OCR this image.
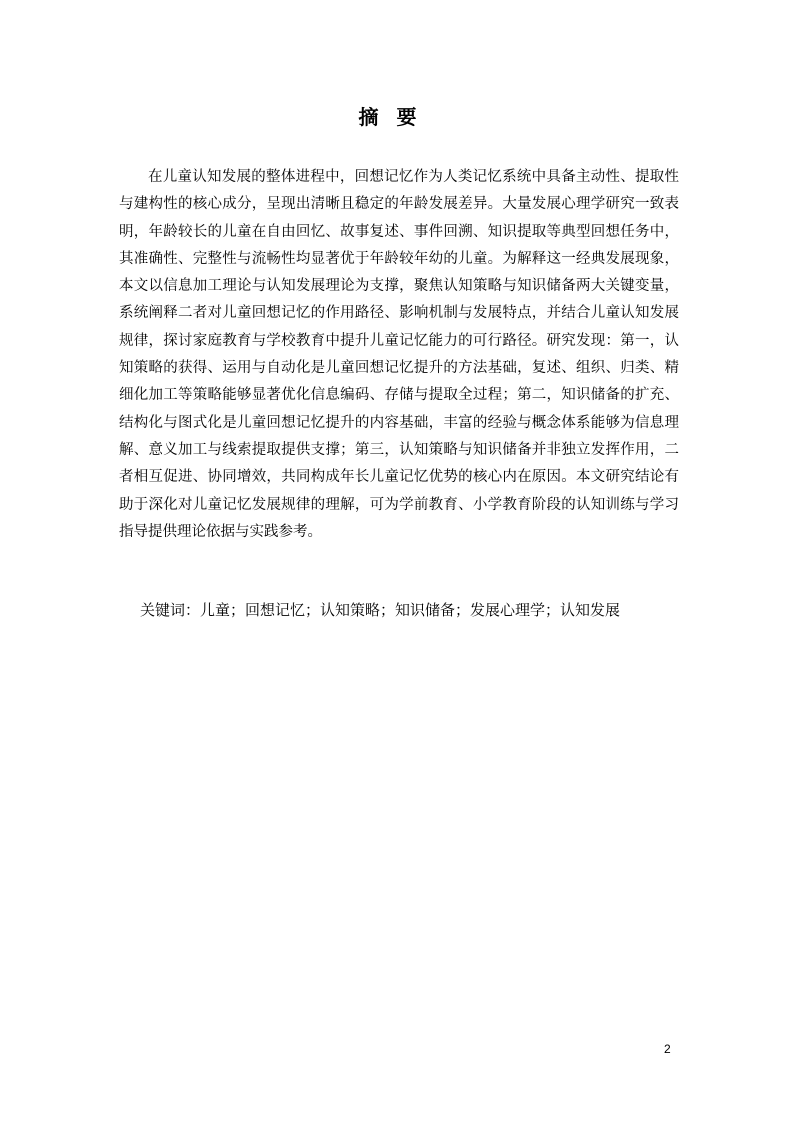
摘要

在儿童认知发展的整体进程中，回想记忆作为人类记忆系统中具备主动性、提取性与建构性的核心成分，呈现出清晰且稳定的年龄发展差异。大量发展心理学研究一致表明，年龄较长的儿童在自由回忆、故事复述、事件回溯、知识提取等典型回想任务中，其准确性、完整性与流畅性均显著优于年龄较年幼的儿童。为解释这一经典发展现象，本文以信息加工理论与认知发展理论为支撑，聚焦认知策略与知识储备两大关键变量，系统阐释二者对儿童回想记忆的作用路径、影响机制与发展特点，并结合儿童认知发展规律，探讨家庭教育与学校教育中提升儿童记忆能力的可行路径。研究发现：第一，认知策略的获得、运用与自动化是儿童回想记忆提升的方法基础，复述、组织、归类、精细化加工等策略能够显著优化信息编码、存储与提取全过程；第二，知识储备的扩充、结构化与图式化是儿童回想记忆提升的内容基础，丰富的经验与概念体系能够为信息理解、意义加工与线索提取提供支撑；第三，认知策略与知识储备并非独立发挥作用，二者相互促进、协同增效，共同构成年长儿童记忆优势的核心内在原因。本文研究结论有助于深化对儿童记忆发展规律的理解，可为学前教育、小学教育阶段的认知训练与学习指导提供理论依据与实践参考。

关键词：儿童；回想记忆；认知策略；知识储备；发展心理学；认知发展
2
